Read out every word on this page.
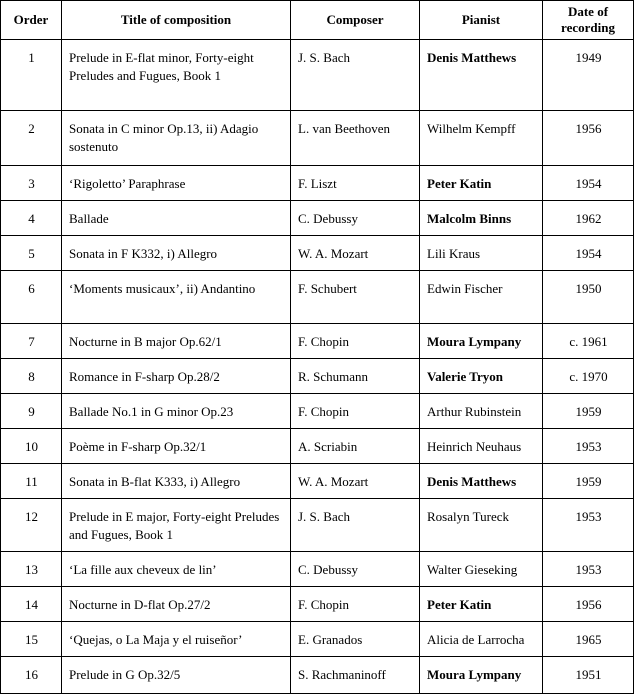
Order	Title of composition	Composer	Pianist	Date of recording
1	Prelude in E-flat minor, Forty-eight Preludes and Fugues, Book 1	J. S. Bach	Denis Matthews	1949
2	Sonata in C minor Op.13, ii) Adagio sostenuto	L. van Beethoven	Wilhelm Kempff	1956
3	‘Rigoletto’ Paraphrase	F. Liszt	Peter Katin	1954
4	Ballade	C. Debussy	Malcolm Binns	1962
5	Sonata in F K332, i) Allegro	W. A. Mozart	Lili Kraus	1954
6	‘Moments musicaux’, ii) Andantino	F. Schubert	Edwin Fischer	1950
7	Nocturne in B major Op.62/1	F. Chopin	Moura Lympany	c. 1961
8	Romance in F-sharp Op.28/2	R. Schumann	Valerie Tryon	c. 1970
9	Ballade No.1 in G minor Op.23	F. Chopin	Arthur Rubinstein	1959
10	Poème in F-sharp Op.32/1	A. Scriabin	Heinrich Neuhaus	1953
11	Sonata in B-flat K333, i) Allegro	W. A. Mozart	Denis Matthews	1959
12	Prelude in E major, Forty-eight Preludes and Fugues, Book 1	J. S. Bach	Rosalyn Tureck	1953
13	‘La fille aux cheveux de lin’	C. Debussy	Walter Gieseking	1953
14	Nocturne in D-flat Op.27/2	F. Chopin	Peter Katin	1956
15	‘Quejas, o La Maja y el ruiseñor’	E. Granados	Alicia de Larrocha	1965
16	Prelude in G Op.32/5	S. Rachmaninoff	Moura Lympany	1951
